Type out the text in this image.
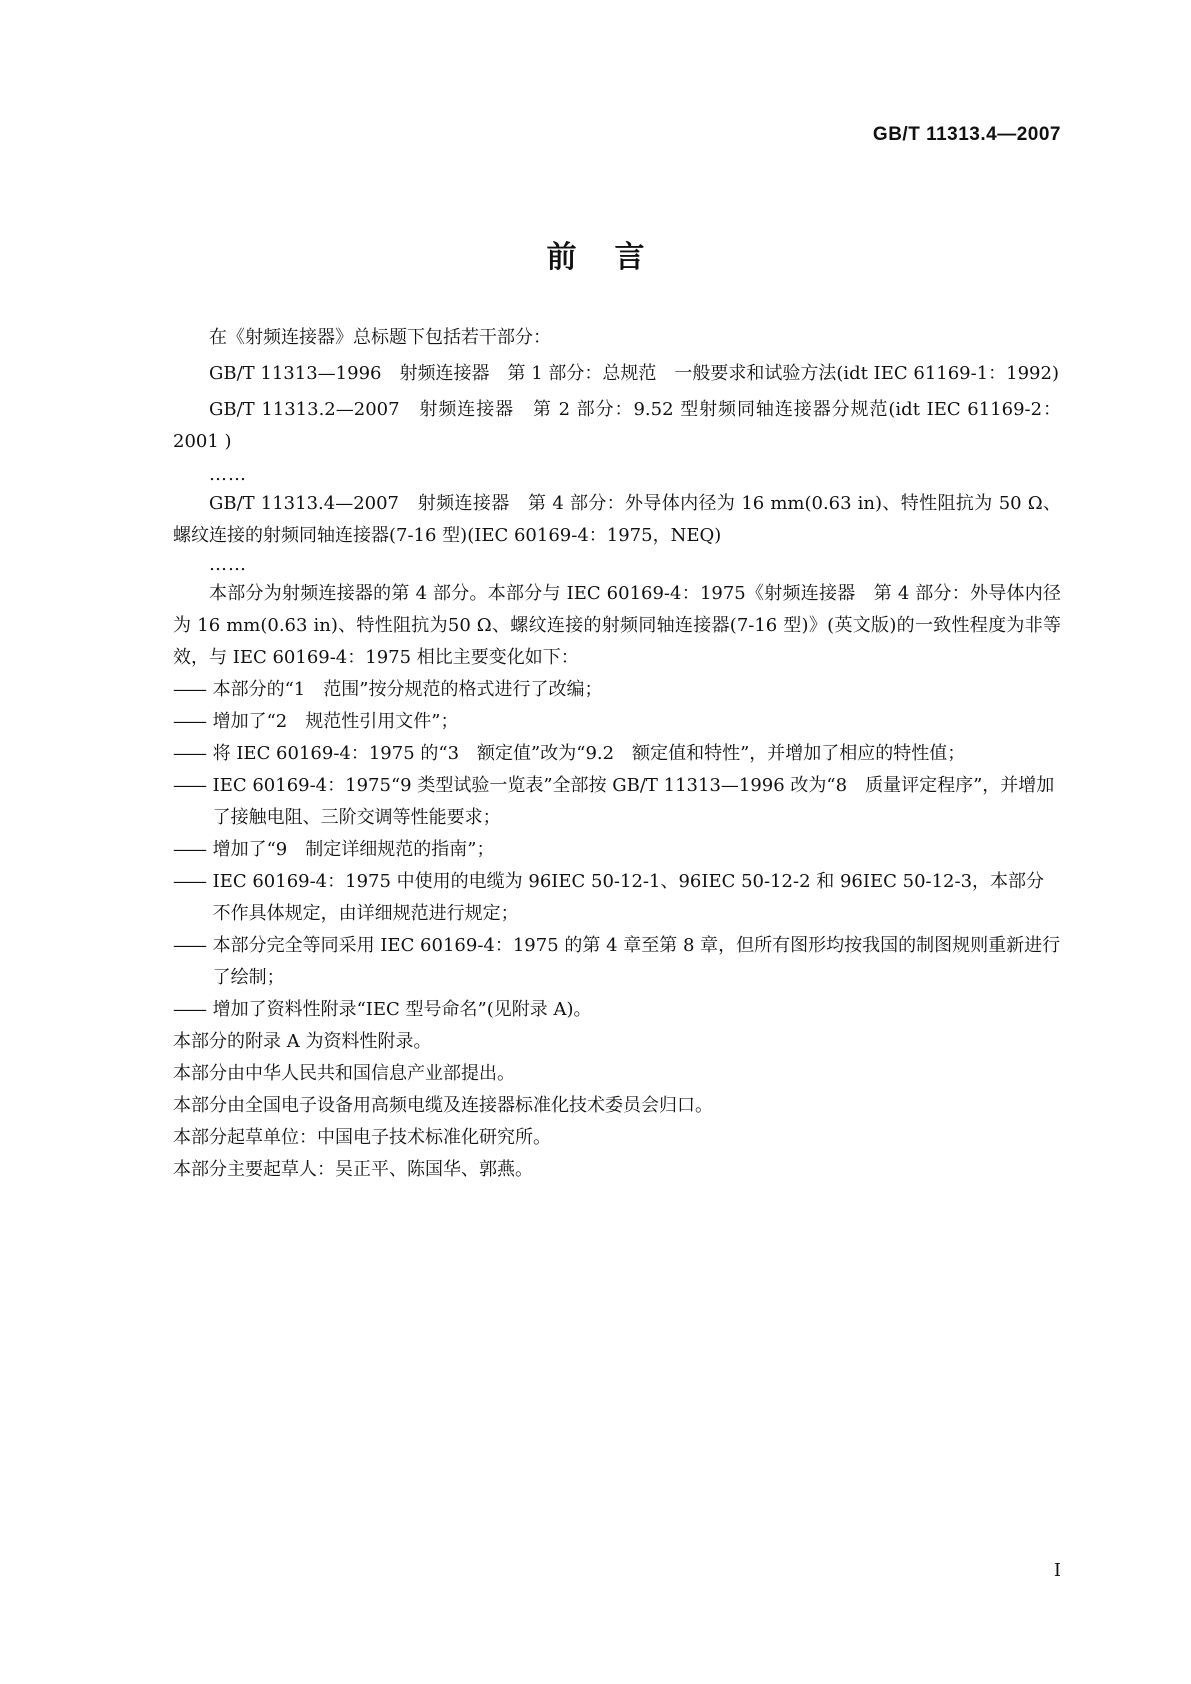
GB/T 11313.4—2007
前言

在《射频连接器》总标题下包括若干部分：

GB/T 11313—1996　射频连接器　第 1 部分：总规范　一般要求和试验方法(idt IEC 61169-1：1992)

GB/T 11313.2—2007　射频连接器　第 2 部分：9.52 型射频同轴连接器分规范(idt IEC 61169-2：2001 )

……

GB/T 11313.4—2007　射频连接器　第 4 部分：外导体内径为 16 mm(0.63 in)、特性阻抗为 50 Ω、螺纹连接的射频同轴连接器(7-16 型)(IEC 60169-4：1975，NEQ)

……

本部分为射频连接器的第 4 部分。本部分与 IEC 60169-4：1975《射频连接器　第 4 部分：外导体内径为 16 mm(0.63 in)、特性阻抗为50 Ω、螺纹连接的射频同轴连接器(7-16 型)》(英文版)的一致性程度为非等效，与 IEC 60169-4：1975 相比主要变化如下：

—— 本部分的“1　范围”按分规范的格式进行了改编；

—— 增加了“2　规范性引用文件”；

—— 将 IEC 60169-4：1975 的“3　额定值”改为“9.2　额定值和特性”，并增加了相应的特性值；

—— IEC 60169-4：1975“9 类型试验一览表”全部按 GB/T 11313—1996 改为“8　质量评定程序”，并增加了接触电阻、三阶交调等性能要求；

—— 增加了“9　制定详细规范的指南”；

—— IEC 60169-4：1975 中使用的电缆为 96IEC 50-12-1、96IEC 50-12-2 和 96IEC 50-12-3，本部分不作具体规定，由详细规范进行规定；

—— 本部分完全等同采用 IEC 60169-4：1975 的第 4 章至第 8 章，但所有图形均按我国的制图规则重新进行了绘制；

—— 增加了资料性附录“IEC 型号命名”(见附录 A)。

本部分的附录 A 为资料性附录。

本部分由中华人民共和国信息产业部提出。

本部分由全国电子设备用高频电缆及连接器标准化技术委员会归口。

本部分起草单位：中国电子技术标准化研究所。

本部分主要起草人：吴正平、陈国华、郭燕。

I
